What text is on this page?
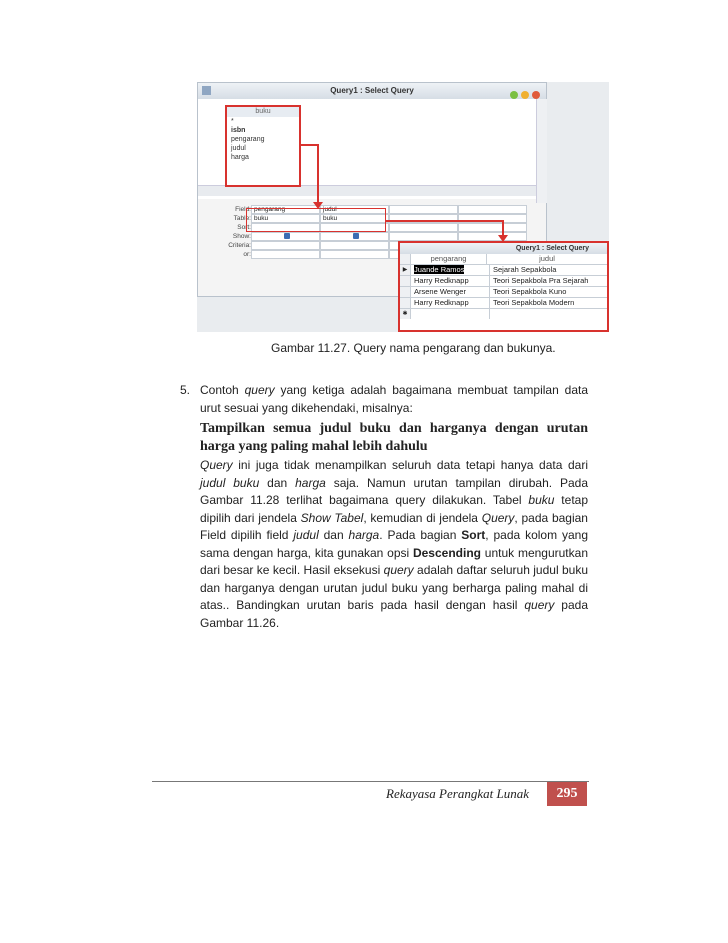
Query1 : Select Query
buku
*
isbn
pengarang
judul
harga
Field: pengarang	judul
Table: buku	buku
Sort:
Show:
Criteria:
or:
Query1 : Select Query
pengarang	judul
▶ Juande Ramos	Sejarah Sepakbola
Harry Redknapp	Teori Sepakbola Pra Sejarah
Arsene Wenger	Teori Sepakbola Kuno
Harry Redknapp	Teori Sepakbola Modern
✱
Gambar 11.27. Query nama pengarang dan bukunya.
5. Contoh query yang ketiga adalah bagaimana membuat tampilan data urut sesuai yang dikehendaki, misalnya:
Tampilkan semua judul buku dan harganya dengan urutan harga yang paling mahal lebih dahulu
Query ini juga tidak menampilkan seluruh data tetapi hanya data dari judul buku dan harga saja. Namun urutan tampilan dirubah. Pada Gambar 11.28 terlihat bagaimana query dilakukan. Tabel buku tetap dipilih dari jendela Show Tabel, kemudian di jendela Query, pada bagian Field dipilih field judul dan harga. Pada bagian Sort, pada kolom yang sama dengan harga, kita gunakan opsi Descending untuk mengurutkan dari besar ke kecil. Hasil eksekusi query adalah daftar seluruh judul buku dan harganya dengan urutan judul buku yang berharga paling mahal di atas.. Bandingkan urutan baris pada hasil dengan hasil query pada Gambar 11.26.
Rekayasa Perangkat Lunak	295
